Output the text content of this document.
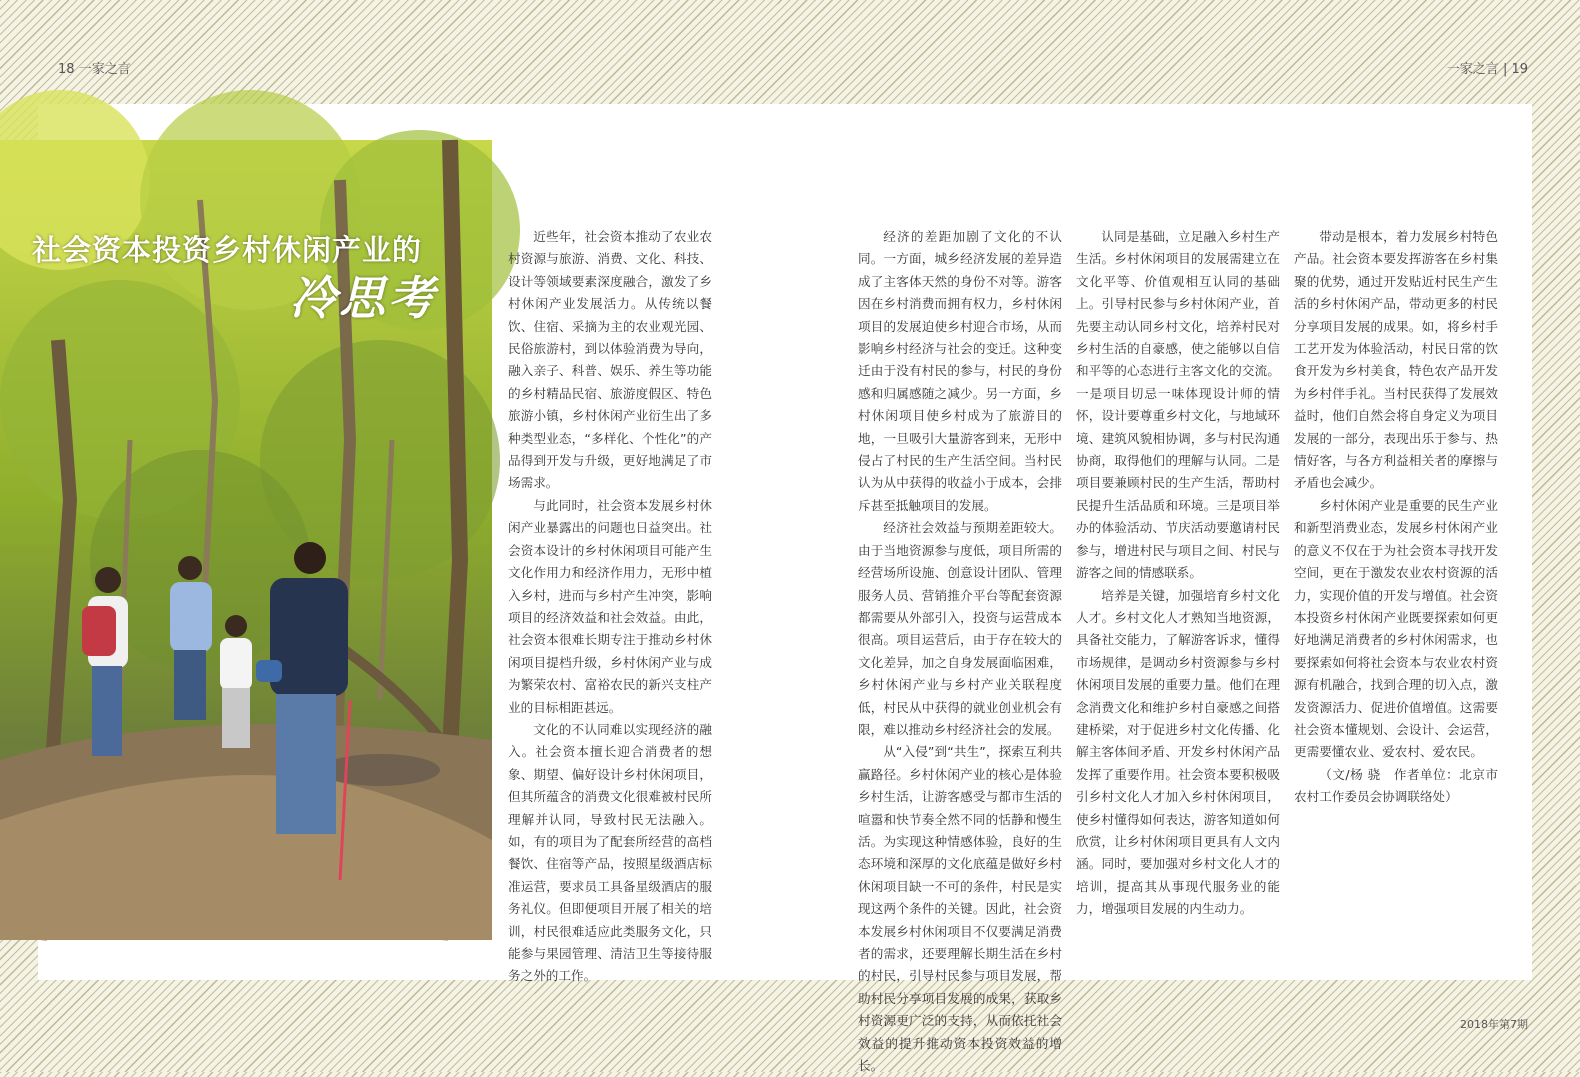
18 一家之言	一家之言 | 19
社会资本投资乡村休闲产业的
冷思考

近些年，社会资本推动了农业农村资源与旅游、消费、文化、科技、设计等领域要素深度融合，激发了乡村休闲产业发展活力。从传统以餐饮、住宿、采摘为主的农业观光园、民俗旅游村，到以体验消费为导向，融入亲子、科普、娱乐、养生等功能的乡村精品民宿、旅游度假区、特色旅游小镇，乡村休闲产业衍生出了多种类型业态，“多样化、个性化”的产品得到开发与升级，更好地满足了市场需求。

与此同时，社会资本发展乡村休闲产业暴露出的问题也日益突出。社会资本设计的乡村休闲项目可能产生文化作用力和经济作用力，无形中植入乡村，进而与乡村产生冲突，影响项目的经济效益和社会效益。由此，社会资本很难长期专注于推动乡村休闲项目提档升级，乡村休闲产业与成为繁荣农村、富裕农民的新兴支柱产业的目标相距甚远。

文化的不认同难以实现经济的融入。社会资本擅长迎合消费者的想象、期望、偏好设计乡村休闲项目，但其所蕴含的消费文化很难被村民所理解并认同，导致村民无法融入。如，有的项目为了配套所经营的高档餐饮、住宿等产品，按照星级酒店标准运营，要求员工具备星级酒店的服务礼仪。但即便项目开展了相关的培训，村民很难适应此类服务文化，只能参与果园管理、清洁卫生等接待服务之外的工作。

经济的差距加剧了文化的不认同。一方面，城乡经济发展的差异造成了主客体天然的身份不对等。游客因在乡村消费而拥有权力，乡村休闲项目的发展迫使乡村迎合市场，从而影响乡村经济与社会的变迁。这种变迁由于没有村民的参与，村民的身份感和归属感随之减少。另一方面，乡村休闲项目使乡村成为了旅游目的地，一旦吸引大量游客到来，无形中侵占了村民的生产生活空间。当村民认为从中获得的收益小于成本，会排斥甚至抵触项目的发展。

经济社会效益与预期差距较大。由于当地资源参与度低，项目所需的经营场所设施、创意设计团队、管理服务人员、营销推介平台等配套资源都需要从外部引入，投资与运营成本很高。项目运营后，由于存在较大的文化差异，加之自身发展面临困难，乡村休闲产业与乡村产业关联程度低，村民从中获得的就业创业机会有限，难以推动乡村经济社会的发展。

从“入侵”到“共生”，探索互利共赢路径。乡村休闲产业的核心是体验乡村生活，让游客感受与都市生活的喧嚣和快节奏全然不同的恬静和慢生活。为实现这种情感体验，良好的生态环境和深厚的文化底蕴是做好乡村休闲项目缺一不可的条件，村民是实现这两个条件的关键。因此，社会资本发展乡村休闲项目不仅要满足消费者的需求，还要理解长期生活在乡村的村民，引导村民参与项目发展，帮助村民分享项目发展的成果，获取乡村资源更广泛的支持，从而依托社会效益的提升推动资本投资效益的增长。

认同是基础，立足融入乡村生产生活。乡村休闲项目的发展需建立在文化平等、价值观相互认同的基础上。引导村民参与乡村休闲产业，首先要主动认同乡村文化，培养村民对乡村生活的自豪感，使之能够以自信和平等的心态进行主客文化的交流。一是项目切忌一味体现设计师的情怀，设计要尊重乡村文化，与地域环境、建筑风貌相协调，多与村民沟通协商，取得他们的理解与认同。二是项目要兼顾村民的生产生活，帮助村民提升生活品质和环境。三是项目举办的体验活动、节庆活动要邀请村民参与，增进村民与项目之间、村民与游客之间的情感联系。

培养是关键，加强培育乡村文化人才。乡村文化人才熟知当地资源，具备社交能力，了解游客诉求，懂得市场规律，是调动乡村资源参与乡村休闲项目发展的重要力量。他们在理念消费文化和维护乡村自豪感之间搭建桥梁，对于促进乡村文化传播、化解主客体间矛盾、开发乡村休闲产品发挥了重要作用。社会资本要积极吸引乡村文化人才加入乡村休闲项目，使乡村懂得如何表达，游客知道如何欣赏，让乡村休闲项目更具有人文内涵。同时，要加强对乡村文化人才的培训，提高其从事现代服务业的能力，增强项目发展的内生动力。

带动是根本，着力发展乡村特色产品。社会资本要发挥游客在乡村集聚的优势，通过开发贴近村民生产生活的乡村休闲产品，带动更多的村民分享项目发展的成果。如，将乡村手工艺开发为体验活动，村民日常的饮食开发为乡村美食，特色农产品开发为乡村伴手礼。当村民获得了发展效益时，他们自然会将自身定义为项目发展的一部分，表现出乐于参与、热情好客，与各方利益相关者的摩擦与矛盾也会减少。

乡村休闲产业是重要的民生产业和新型消费业态，发展乡村休闲产业的意义不仅在于为社会资本寻找开发空间，更在于激发农业农村资源的活力，实现价值的开发与增值。社会资本投资乡村休闲产业既要探索如何更好地满足消费者的乡村休闲需求，也要探索如何将社会资本与农业农村资源有机融合，找到合理的切入点，激发资源活力、促进价值增值。这需要社会资本懂规划、会设计、会运营，更需要懂农业、爱农村、爱农民。

（文/杨 骁　作者单位：北京市农村工作委员会协调联络处）

2018年第7期
